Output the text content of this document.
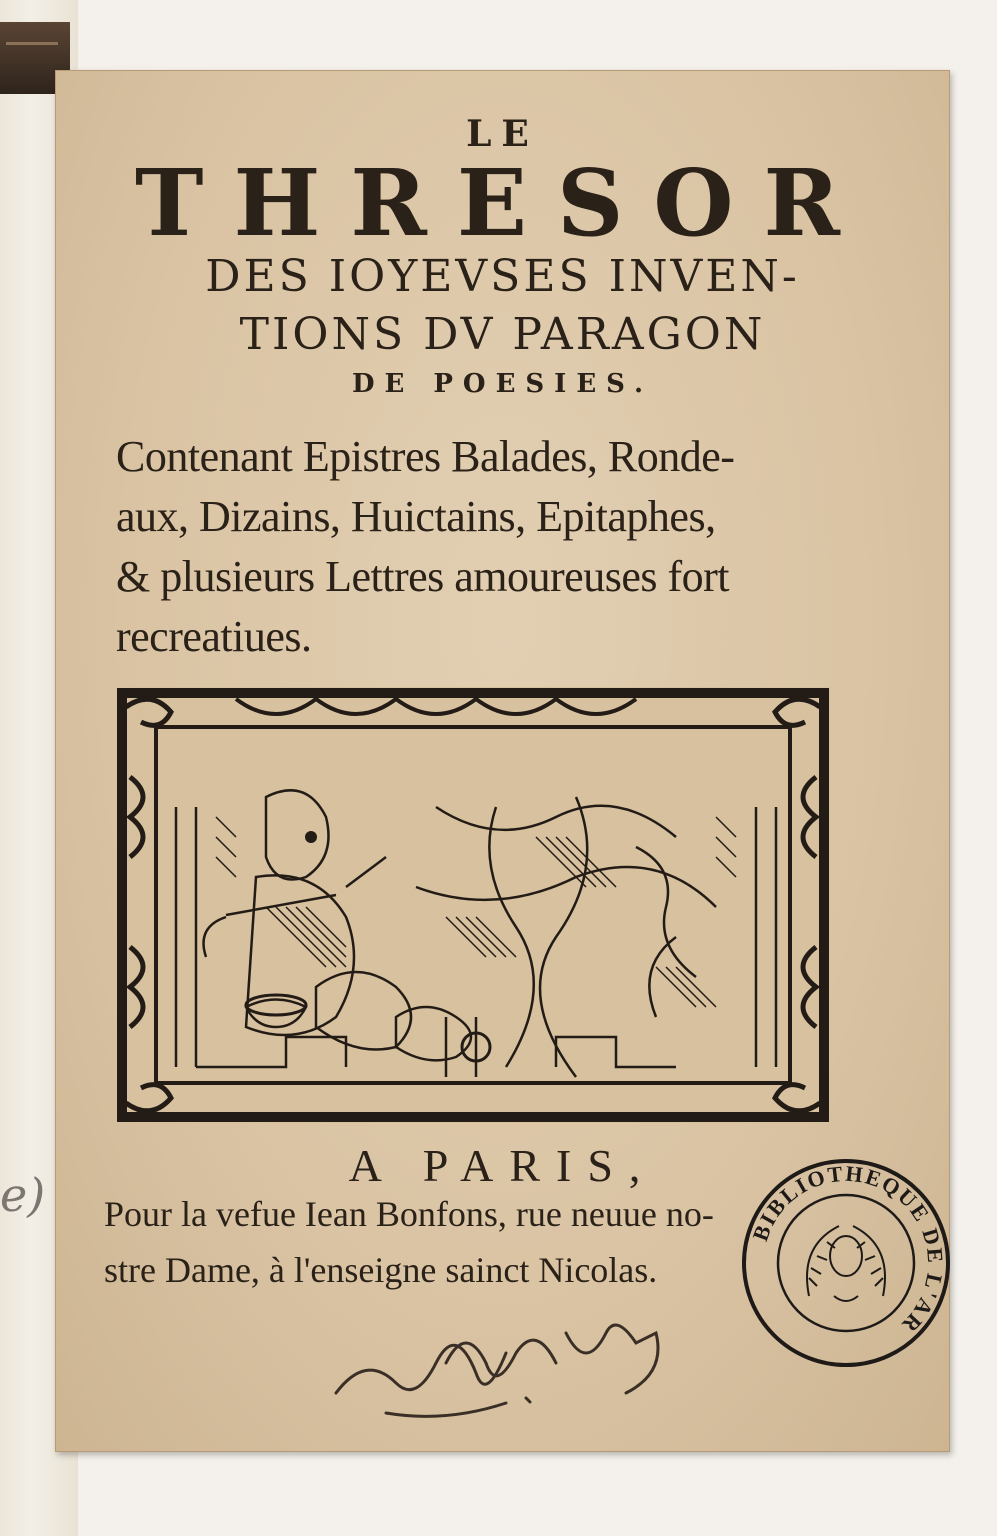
e)
LE
THRESOR
DES IOYEVSES INVEN-
TIONS DV PARAGON
DE POESIES.
Contenant Epistres Balades, Ronde-
aux, Dizains, Huictains, Epitaphes,
& plusieurs Lettres amoureuses fort
recreatiues.
A PARIS,
Pour la vefue Iean Bonfons, rue neuue no-
stre Dame, à l'enseigne sainct Nicolas.
BIBLIOTHEQUE DE L'AR
